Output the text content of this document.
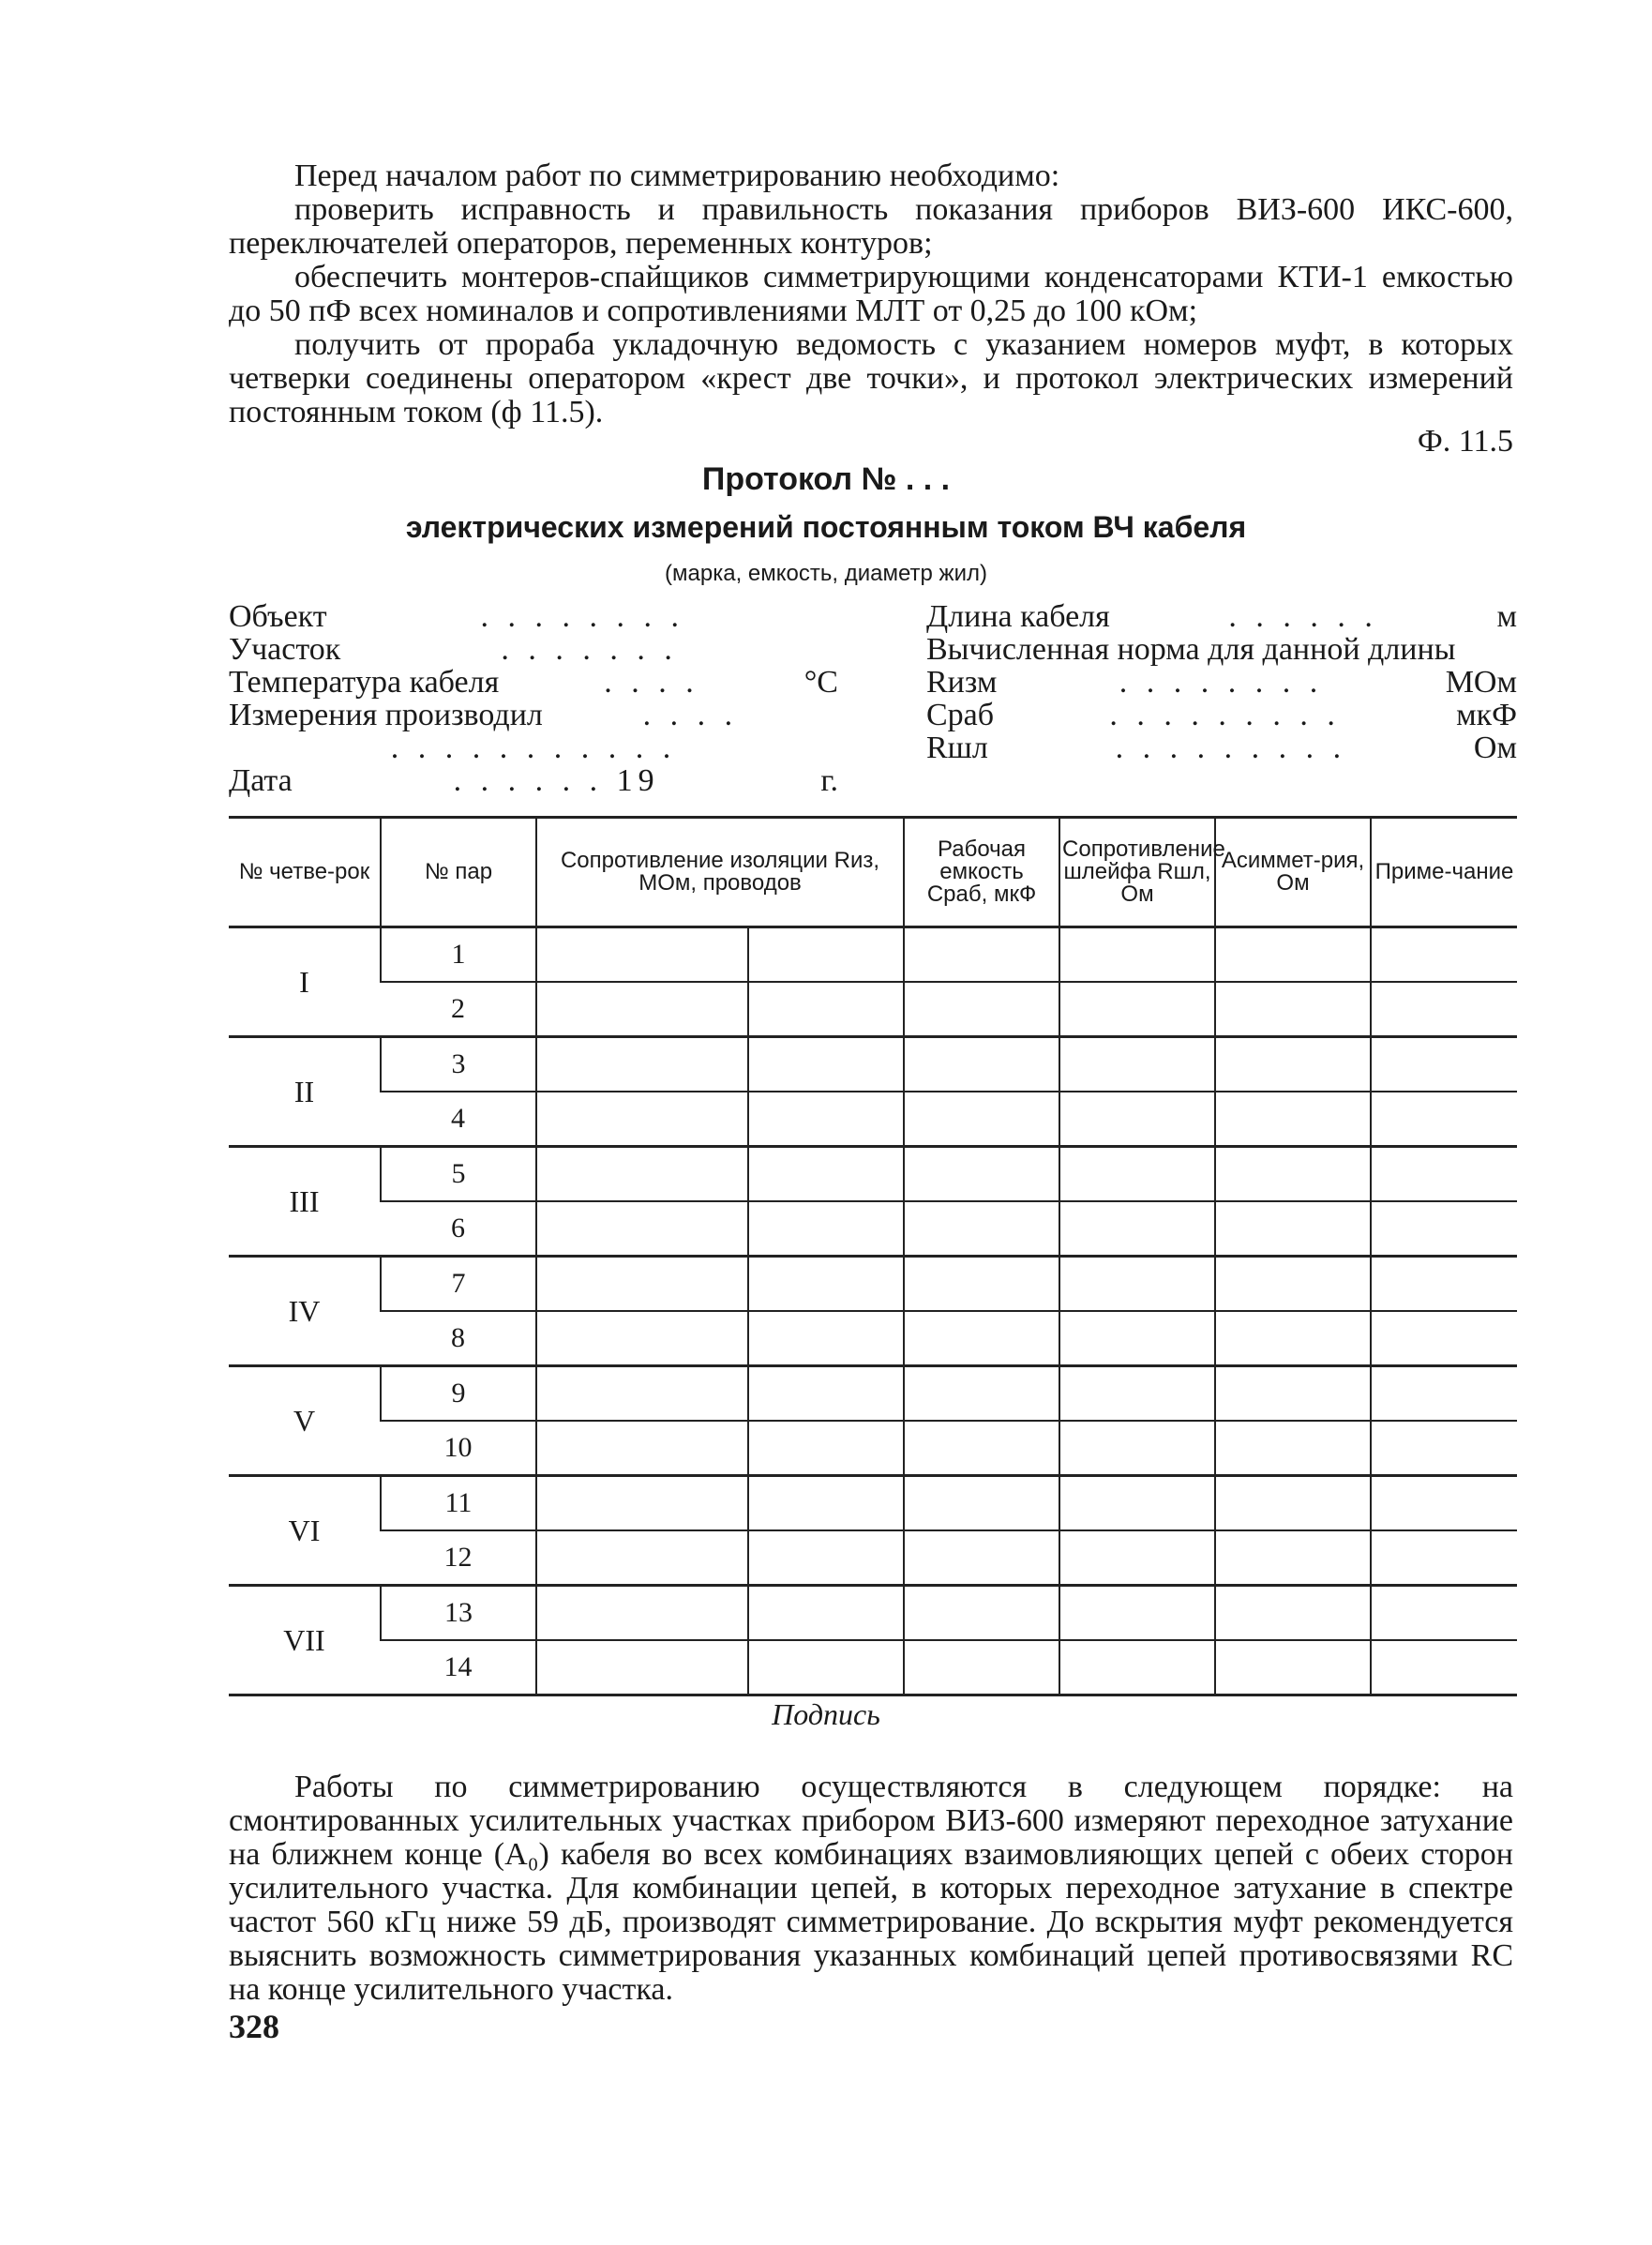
Перед началом работ по симметрированию необходимо:

проверить исправность и правильность показания приборов ВИЗ-600 ИКС-600, переключателей операторов, переменных контуров;

обеспечить монтеров-спайщиков симметрирующими конденсаторами КТИ-1 емкостью до 50 пФ всех номиналов и сопротивлениями МЛТ от 0,25 до 100 кОм;

получить от прораба укладочную ведомость с указанием номеров муфт, в которых четверки соединены оператором «крест две точки», и протокол электрических измерений постоянным током (ф 11.5).

Ф. 11.5
Протокол № . . .
электрических измерений постоянным током ВЧ кабеля
(марка, емкость, диаметр жил)
Объект	. . . . . . . .
Участок	. . . . . . .
Температура кабеля	. . . .	°C
Измерения производил	. . . .
. . . . . . . . . . .
Дата	. . . . . . 19	г.
Длина кабеля	. . . . . .	м
Вычисленная норма для данной длины
Rизм	. . . . . . . .	МОм
Cраб	. . . . . . . . .	мкФ
Rшл	. . . . . . . . .	Ом
№ четве-рок	№ пар	Сопротивление изоляции Rиз, МОм, проводов		Рабочая емкость Cраб, мкФ	Сопротивление шлейфа Rшл, Ом	Асиммет-рия, Ом	Приме-чание
I	1						
	2						
II	3						
	4						
III	5						
	6						
IV	7						
	8						
V	9						
	10						
VI	11						
	12						
VII	13						
	14						
Подпись

Работы по симметрированию осуществляются в следующем порядке: на смонтированных усилительных участках прибором ВИЗ-600 измеряют переходное затухание на ближнем конце (A₀) кабеля во всех комбинациях взаимовлияющих цепей с обеих сторон усилительного участка. Для комбинации цепей, в которых переходное затухание в спектре частот 560 кГц ниже 59 дБ, производят симметрирование. До вскрытия муфт рекомендуется выяснить возможность симметрирования указанных комбинаций цепей противосвязями RC на конце усилительного участка.

328
